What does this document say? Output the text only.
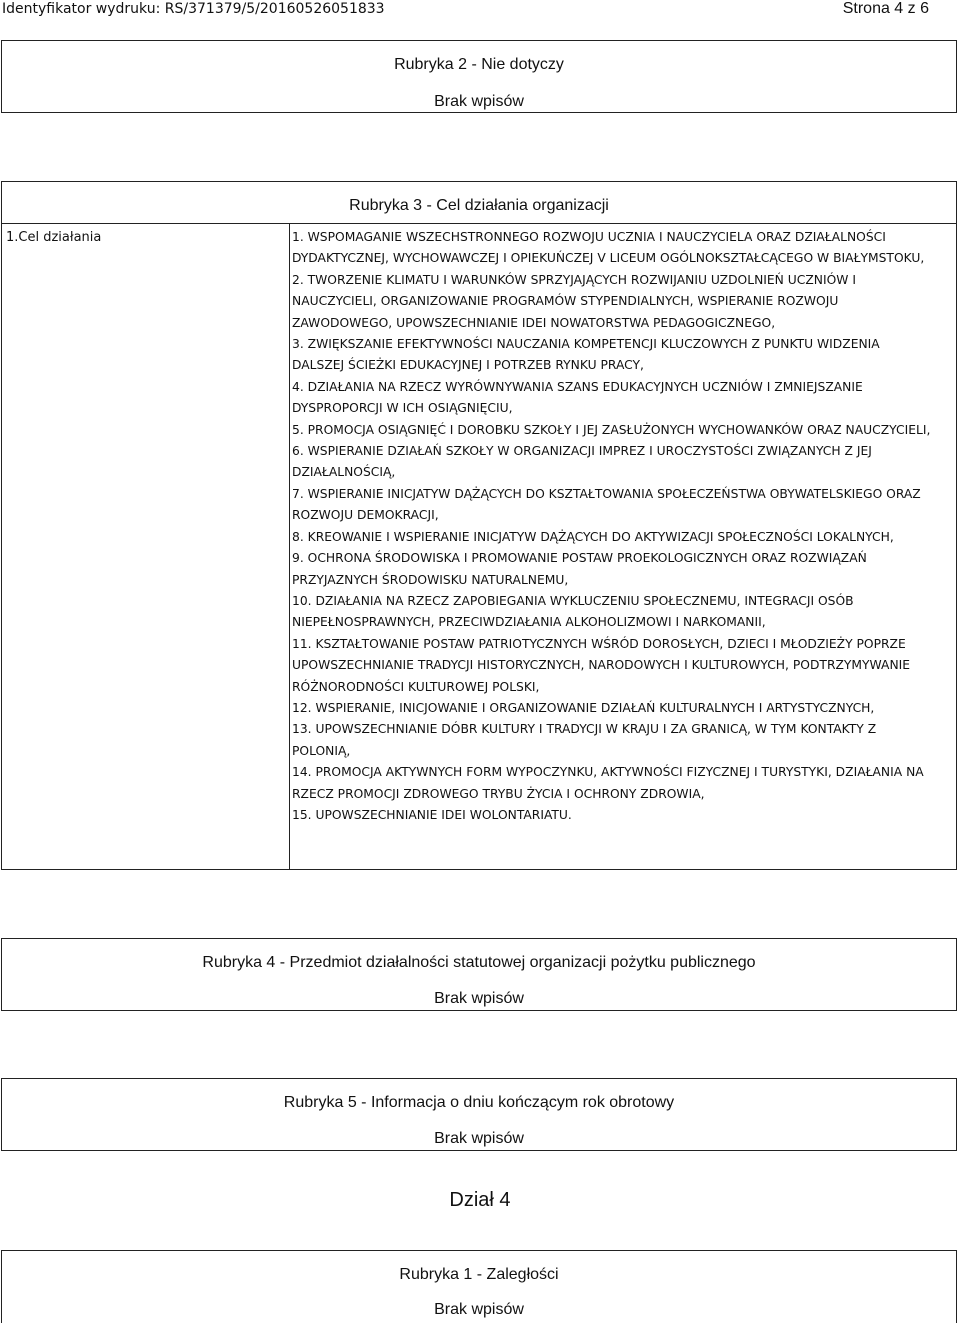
Identyfikator wydruku: RS/371379/5/20160526051833	Strona 4 z 6
Rubryka 2 - Nie dotyczy
Brak wpisów
Rubryka 3 - Cel działania organizacji
1.Cel działania	1. WSPOMAGANIE WSZECHSTRONNEGO ROZWOJU UCZNIA I NAUCZYCIELA ORAZ DZIAŁALNOŚCI DYDAKTYCZNEJ, WYCHOWAWCZEJ I OPIEKUŃCZEJ V LICEUM OGÓLNOKSZTAŁCĄCEGO W BIAŁYMSTOKU,
2. TWORZENIE KLIMATU I WARUNKÓW SPRZYJAJĄCYCH ROZWIJANIU UZDOLNIEŃ UCZNIÓW I NAUCZYCIELI, ORGANIZOWANIE PROGRAMÓW STYPENDIALNYCH, WSPIERANIE ROZWOJU ZAWODOWEGO, UPOWSZECHNIANIE IDEI NOWATORSTWA PEDAGOGICZNEGO,
3. ZWIĘKSZANIE EFEKTYWNOŚCI NAUCZANIA KOMPETENCJI KLUCZOWYCH Z PUNKTU WIDZENIA DALSZEJ ŚCIEŻKI EDUKACYJNEJ I POTRZEB RYNKU PRACY,
4. DZIAŁANIA NA RZECZ WYRÓWNYWANIA SZANS EDUKACYJNYCH UCZNIÓW I ZMNIEJSZANIE DYSPROPORCJI W ICH OSIĄGNIĘCIU,
5. PROMOCJA OSIĄGNIĘĆ I DOROBKU SZKOŁY I JEJ ZASŁUŻONYCH WYCHOWANKÓW ORAZ NAUCZYCIELI,
6. WSPIERANIE DZIAŁAŃ SZKOŁY W ORGANIZACJI IMPREZ I UROCZYSTOŚCI ZWIĄZANYCH Z JEJ DZIAŁALNOŚCIĄ,
7. WSPIERANIE INICJATYW DĄŻĄCYCH DO KSZTAŁTOWANIA SPOŁECZEŃSTWA OBYWATELSKIEGO ORAZ ROZWOJU DEMOKRACJI,
8. KREOWANIE I WSPIERANIE INICJATYW DĄŻĄCYCH DO AKTYWIZACJI SPOŁECZNOŚCI LOKALNYCH,
9. OCHRONA ŚRODOWISKA I PROMOWANIE POSTAW PROEKOLOGICZNYCH ORAZ ROZWIĄZAŃ PRZYJAZNYCH ŚRODOWISKU NATURALNEMU,
10. DZIAŁANIA NA RZECZ ZAPOBIEGANIA WYKLUCZENIU SPOŁECZNEMU, INTEGRACJI OSÓB NIEPEŁNOSPRAWNYCH, PRZECIWDZIAŁANIA ALKOHOLIZMOWI I NARKOMANII,
11. KSZTAŁTOWANIE POSTAW PATRIOTYCZNYCH WŚRÓD DOROSŁYCH, DZIECI I MŁODZIEŻY POPRZE UPOWSZECHNIANIE TRADYCJI HISTORYCZNYCH, NARODOWYCH I KULTUROWYCH, PODTRZYMYWANIE RÓŻNORODNOŚCI KULTUROWEJ POLSKI,
12. WSPIERANIE, INICJOWANIE I ORGANIZOWANIE DZIAŁAŃ KULTURALNYCH I ARTYSTYCZNYCH,
13. UPOWSZECHNIANIE DÓBR KULTURY I TRADYCJI W KRAJU I ZA GRANICĄ, W TYM KONTAKTY Z POLONIĄ,
14. PROMOCJA AKTYWNYCH FORM WYPOCZYNKU, AKTYWNOŚCI FIZYCZNEJ I TURYSTYKI, DZIAŁANIA NA RZECZ PROMOCJI ZDROWEGO TRYBU ŻYCIA I OCHRONY ZDROWIA,
15. UPOWSZECHNIANIE IDEI WOLONTARIATU.
Rubryka 4 - Przedmiot działalności statutowej organizacji pożytku publicznego
Brak wpisów
Rubryka 5 - Informacja o dniu kończącym rok obrotowy
Brak wpisów
Dział 4
Rubryka 1 - Zaległości
Brak wpisów
